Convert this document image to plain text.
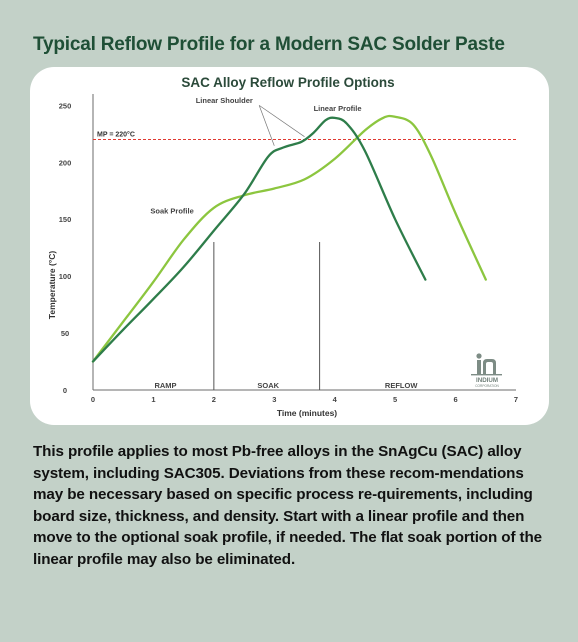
Typical Reflow Profile for a Modern SAC Solder Paste
SAC Alloy Reflow Profile Options
0
50
100
150
200
250
0	1	2	3	4	5	6	7
MP = 220°C
Soak Profile
Linear Profile
Linear Shoulder
RAMP	SOAK	REFLOW
Time (minutes)
Temperature (°C)
INDIUM
CORPORATION
This profile applies to most Pb-free alloys in the SnAgCu (SAC) alloy system, including SAC305. Deviations from these recom-mendations may be necessary based on specific process re-quirements, including board size, thickness, and density. Start with a linear profile and then move to the optional soak profile, if needed. The flat soak portion of the linear profile may also be eliminated.
